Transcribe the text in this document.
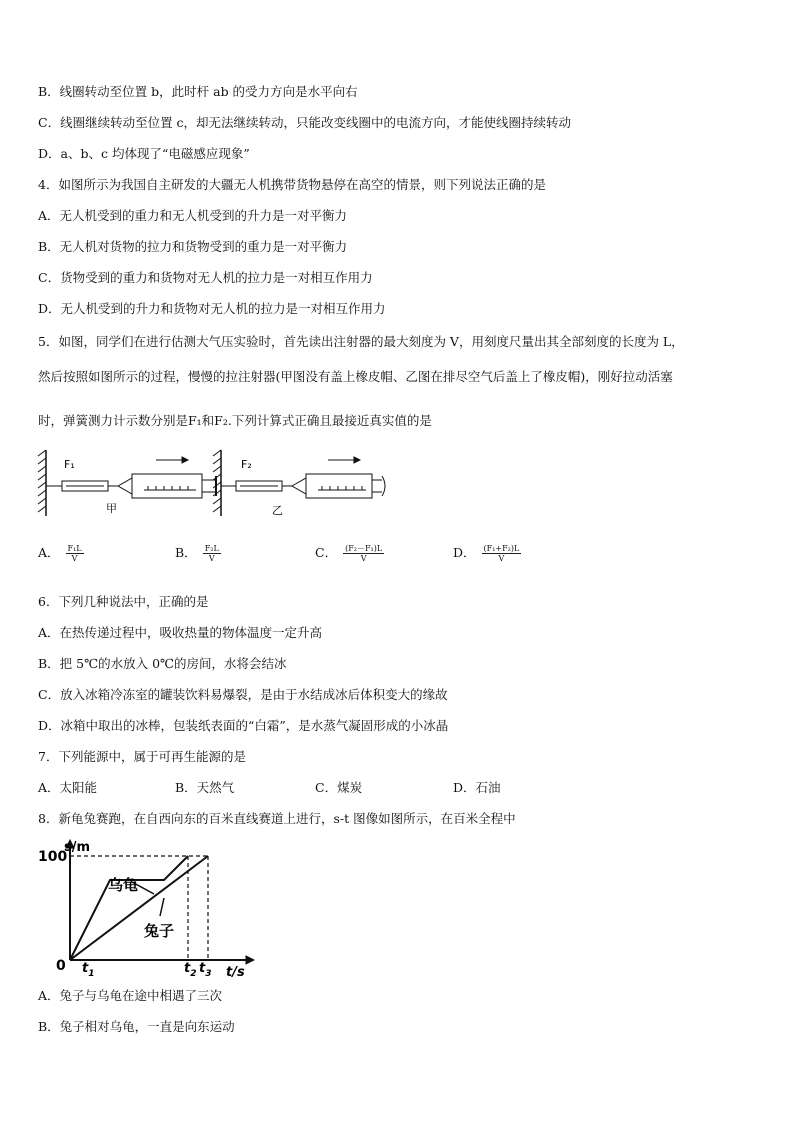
B．线圈转动至位置 b，此时杆 ab 的受力方向是水平向右
C．线圈继续转动至位置 c，却无法继续转动，只能改变线圈中的电流方向，才能使线圈持续转动
D．a、b、c 均体现了“电磁感应现象”
4．如图所示为我国自主研发的大疆无人机携带货物悬停在高空的情景，则下列说法正确的是
A．无人机受到的重力和无人机受到的升力是一对平衡力
B．无人机对货物的拉力和货物受到的重力是一对平衡力
C．货物受到的重力和货物对无人机的拉力是一对相互作用力
D．无人机受到的升力和货物对无人机的拉力是一对相互作用力
5．如图，同学们在进行估测大气压实验时，首先读出注射器的最大刻度为 V，用刻度尺量出其全部刻度的长度为 L，
然后按照如图所示的过程，慢慢的拉注射器(甲图没有盖上橡皮帽、乙图在排尽空气后盖上了橡皮帽)，刚好拉动活塞
时，弹簧测力计示数分别是F₁和F₂.下列计算式正确且最接近真实值的是
F₁	F₂
甲	乙
A． $\frac{\text{F₁L}}{V}$	B． $\frac{\text{F₂L}}{V}$	C． $\frac{\text{(F₂－F₁)L}}{V}$	D． $\frac{\text{(F₁+F₂)L}}{V}$
6．下列几种说法中，正确的是
A．在热传递过程中，吸收热量的物体温度一定升高
B．把 5℃的水放入 0℃的房间，水将会结冰
C．放入冰箱冷冻室的罐装饮料易爆裂，是由于水结成冰后体积变大的缘故
D．冰箱中取出的冰棒，包装纸表面的“白霜”，是水蒸气凝固形成的小冰晶
7．下列能源中，属于可再生能源的是
A．太阳能	B．天然气	C．煤炭	D．石油
8．新龟兔赛跑，在自西向东的百米直线赛道上进行，s-t 图像如图所示，在百米全程中
s/m
100
0	t/s
乌龟
兔子
$t_1$	$t_2$ $t_3$
A．兔子与乌龟在途中相遇了三次
B．兔子相对乌龟，一直是向东运动
